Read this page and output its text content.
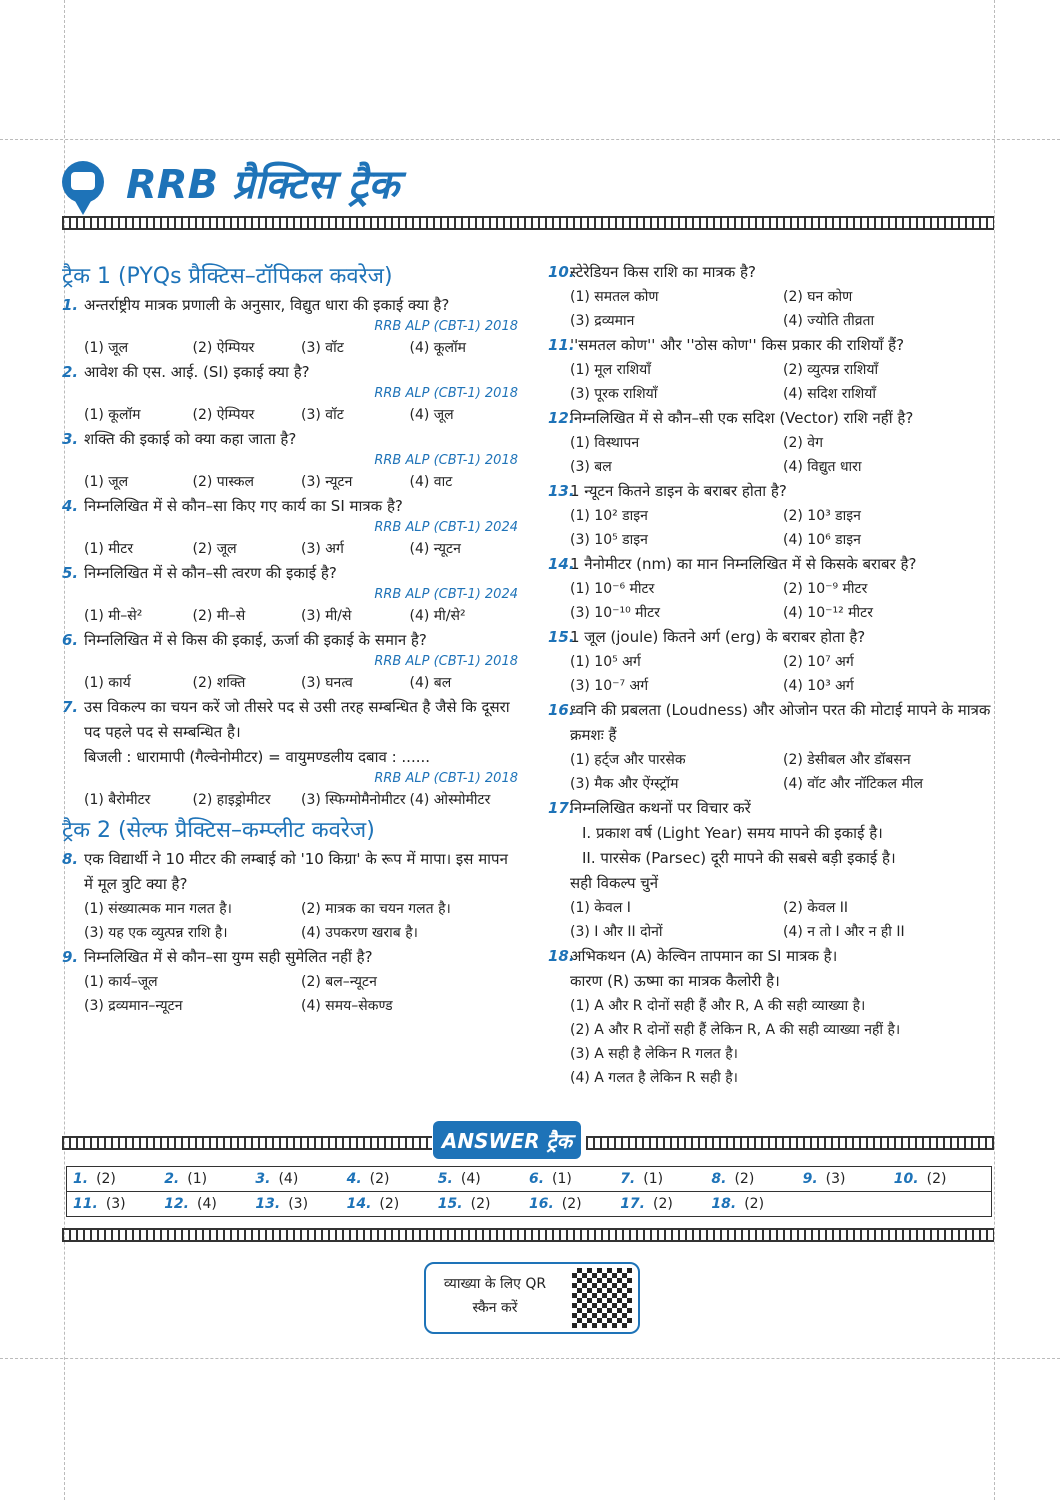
RRB प्रैक्टिस ट्रैक
ट्रैक 1 (PYQs प्रैक्टिस–टॉपिकल कवरेज)
1. अन्तर्राष्ट्रीय मात्रक प्रणाली के अनुसार, विद्युत धारा की इकाई क्या है?
RRB ALP (CBT-1) 2018
(1) जूल	(2) ऐम्पियर	(3) वॉट	(4) कूलॉम
2. आवेश की एस. आई. (SI) इकाई क्या है?
RRB ALP (CBT-1) 2018
(1) कूलॉम	(2) ऐम्पियर	(3) वॉट	(4) जूल
3. शक्ति की इकाई को क्या कहा जाता है?
RRB ALP (CBT-1) 2018
(1) जूल	(2) पास्कल	(3) न्यूटन	(4) वाट
4. निम्नलिखित में से कौन–सा किए गए कार्य का SI मात्रक है?
RRB ALP (CBT-1) 2024
(1) मीटर	(2) जूल	(3) अर्ग	(4) न्यूटन
5. निम्नलिखित में से कौन–सी त्वरण की इकाई है?
RRB ALP (CBT-1) 2024
(1) मी–से²	(2) मी–से	(3) मी/से	(4) मी/से²
6. निम्नलिखित में से किस की इकाई, ऊर्जा की इकाई के समान है?
RRB ALP (CBT-1) 2018
(1) कार्य	(2) शक्ति	(3) घनत्व	(4) बल
7. उस विकल्प का चयन करें जो तीसरे पद से उसी तरह सम्बन्धित है जैसे कि दूसरा पद पहले पद से सम्बन्धित है।
बिजली : धारामापी (गैल्वेनोमीटर) = वायुमण्डलीय दबाव : ......
RRB ALP (CBT-1) 2018
(1) बैरोमीटर	(2) हाइड्रोमीटर	(3) स्फिग्मोमैनोमीटर (4) ओस्मोमीटर
ट्रैक 2 (सेल्फ प्रैक्टिस–कम्प्लीट कवरेज)
8. एक विद्यार्थी ने 10 मीटर की लम्बाई को '10 किग्रा' के रूप में मापा। इस मापन में मूल त्रुटि क्या है?
(1) संख्यात्मक मान गलत है।	(2) मात्रक का चयन गलत है।
(3) यह एक व्युत्पन्न राशि है।	(4) उपकरण खराब है।
9. निम्नलिखित में से कौन–सा युग्म सही सुमेलित नहीं है?
(1) कार्य–जूल	(2) बल–न्यूटन
(3) द्रव्यमान–न्यूटन	(4) समय–सेकण्ड
10.
स्टेरेडियन किस राशि का मात्रक है?
(1) समतल कोण	(2) घन कोण
(3) द्रव्यमान	(4) ज्योति तीव्रता
11.
''समतल कोण'' और ''ठोस कोण'' किस प्रकार की राशियाँ हैं?
(1) मूल राशियाँ	(2) व्युत्पन्न राशियाँ
(3) पूरक राशियाँ	(4) सदिश राशियाँ
12.
निम्नलिखित में से कौन–सी एक सदिश (Vector) राशि नहीं है?
(1) विस्थापन	(2) वेग
(3) बल	(4) विद्युत धारा
13.
1 न्यूटन कितने डाइन के बराबर होता है?
(1) 10² डाइन	(2) 10³ डाइन
(3) 10⁵ डाइन	(4) 10⁶ डाइन
14.
1 नैनोमीटर (nm) का मान निम्नलिखित में से किसके बराबर है?
(1) 10⁻⁶ मीटर	(2) 10⁻⁹ मीटर
(3) 10⁻¹⁰ मीटर	(4) 10⁻¹² मीटर
15.
1 जूल (joule) कितने अर्ग (erg) के बराबर होता है?
(1) 10⁵ अर्ग	(2) 10⁷ अर्ग
(3) 10⁻⁷ अर्ग	(4) 10³ अर्ग
16.
ध्वनि की प्रबलता (Loudness) और ओजोन परत की मोटाई मापने के मात्रक क्रमशः हैं
(1) हर्ट्ज और पारसेक	(2) डेसीबल और डॉबसन
(3) मैक और ऐंग्स्ट्रॉम	(4) वॉट और नॉटिकल मील
17.
निम्नलिखित कथनों पर विचार करें
I. प्रकाश वर्ष (Light Year) समय मापने की इकाई है।
II. पारसेक (Parsec) दूरी मापने की सबसे बड़ी इकाई है।
सही विकल्प चुनें
(1) केवल I	(2) केवल II
(3) I और II दोनों	(4) न तो I और न ही II
18.
अभिकथन (A) केल्विन तापमान का SI मात्रक है।
कारण (R) ऊष्मा का मात्रक कैलोरी है।
(1) A और R दोनों सही हैं और R, A की सही व्याख्या है।
(2) A और R दोनों सही हैं लेकिन R, A की सही व्याख्या नहीं है।
(3) A सही है लेकिन R गलत है।
(4) A गलत है लेकिन R सही है।
ANSWER ट्रैक
1. (2)	2. (1)	3. (4)	4. (2)	5. (4)	6. (1)	7. (1)	8. (2)	9. (3)	10. (2)

11. (3)	12. (4)	13. (3)	14. (2)	15. (2)	16. (2)	17. (2)	18. (2)
व्याख्या के लिए QR स्कैन करें
